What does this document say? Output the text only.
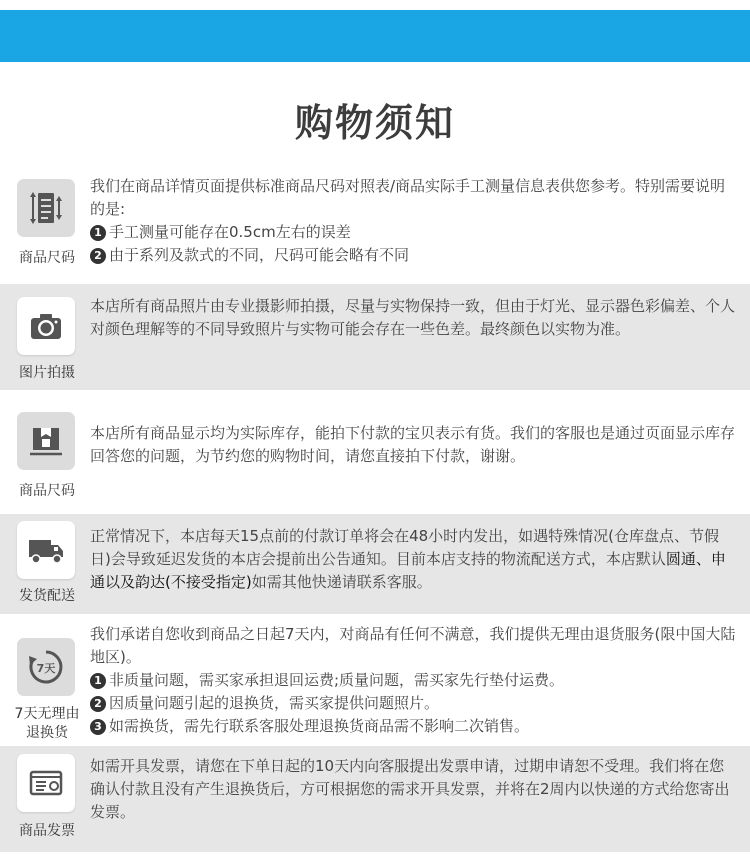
购物须知
商品尺码

我们在商品详情页面提供标准商品尺码对照表/商品实际手工测量信息表供您参考。特别需要说明的是:

1 手工测量可能存在0.5cm左右的误差

2 由于系列及款式的不同，尺码可能会略有不同

图片拍摄
本店所有商品照片由专业摄影师拍摄，尽量与实物保持一致，但由于灯光、显示器色彩偏差、个人对颜色理解等的不同导致照片与实物可能会存在一些色差。最终颜色以实物为准。
商品尺码
本店所有商品显示均为实际库存，能拍下付款的宝贝表示有货。我们的客服也是通过页面显示库存回答您的问题，为节约您的购物时间，请您直接拍下付款，谢谢。
发货配送
正常情况下，本店每天15点前的付款订单将会在48小时内发出，如遇特殊情况(仓库盘点、节假日)会导致延迟发货的本店会提前出公告通知。目前本店支持的物流配送方式，本店默认圆通、申通以及韵达(不接受指定)如需其他快递请联系客服。
7天
7天无理由
退换货

我们承诺自您收到商品之日起7天内，对商品有任何不满意，我们提供无理由退货服务(限中国大陆地区)。

1 非质量问题，需买家承担退回运费;质量问题，需买家先行垫付运费。

2 因质量问题引起的退换货，需买家提供问题照片。

3 如需换货，需先行联系客服处理退换货商品需不影响二次销售。

商品发票
如需开具发票，请您在下单日起的10天内向客服提出发票申请，过期申请恕不受理。我们将在您确认付款且没有产生退换货后，方可根据您的需求开具发票，并将在2周内以快递的方式给您寄出发票。
